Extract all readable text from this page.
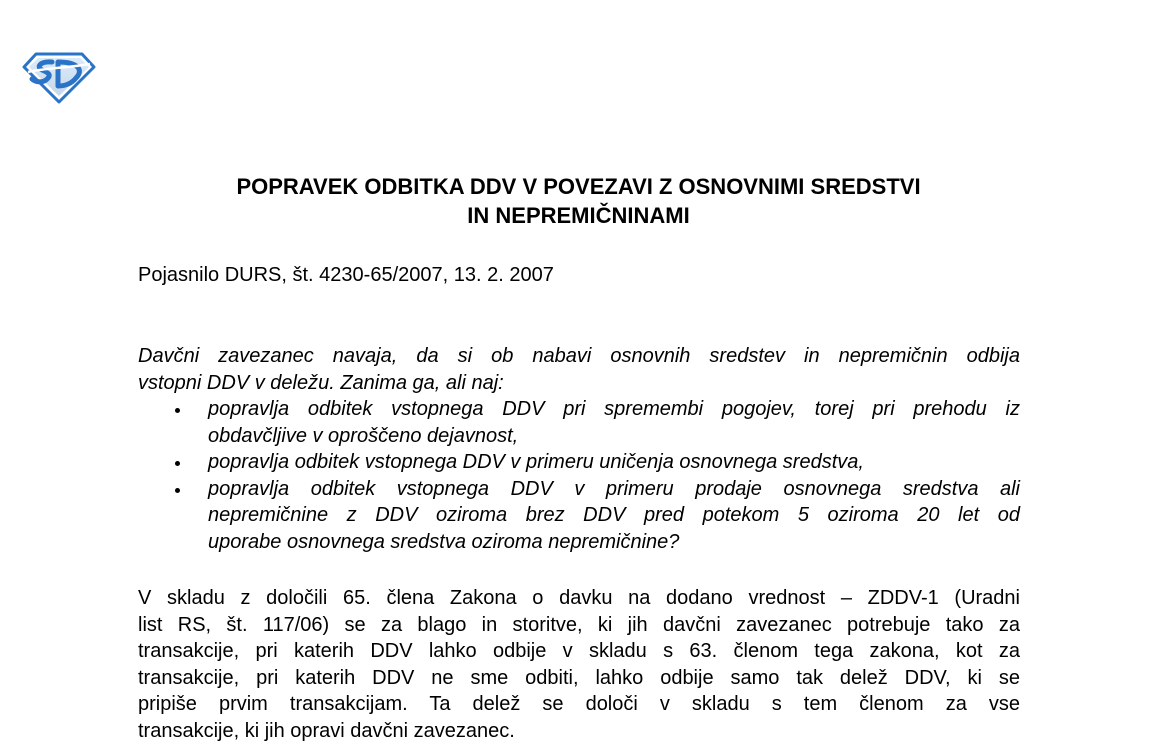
POPRAVEK ODBITKA DDV V POVEZAVI Z OSNOVNIMI SREDSTVI
IN NEPREMIČNINAMI
Pojasnilo DURS, št. 4230-65/2007, 13. 2. 2007
Davčni zavezanec navaja, da si ob nabavi osnovnih sredstev in nepremičnin odbija
vstopni DDV v deležu. Zanima ga, ali naj:
popravlja odbitek vstopnega DDV pri spremembi pogojev, torej pri prehodu iz
obdavčljive v oproščeno dejavnost,
popravlja odbitek vstopnega DDV v primeru uničenja osnovnega sredstva,
popravlja odbitek vstopnega DDV v primeru prodaje osnovnega sredstva ali
nepremičnine z DDV oziroma brez DDV pred potekom 5 oziroma 20 let od
uporabe osnovnega sredstva oziroma nepremičnine?
V skladu z določili 65. člena Zakona o davku na dodano vrednost – ZDDV-1 (Uradni
list RS, št. 117/06) se za blago in storitve, ki jih davčni zavezanec potrebuje tako za
transakcije, pri katerih DDV lahko odbije v skladu s 63. členom tega zakona, kot za
transakcije, pri katerih DDV ne sme odbiti, lahko odbije samo tak delež DDV, ki se
pripiše prvim transakcijam. Ta delež se določi v skladu s tem členom za vse
transakcije, ki jih opravi davčni zavezanec.
